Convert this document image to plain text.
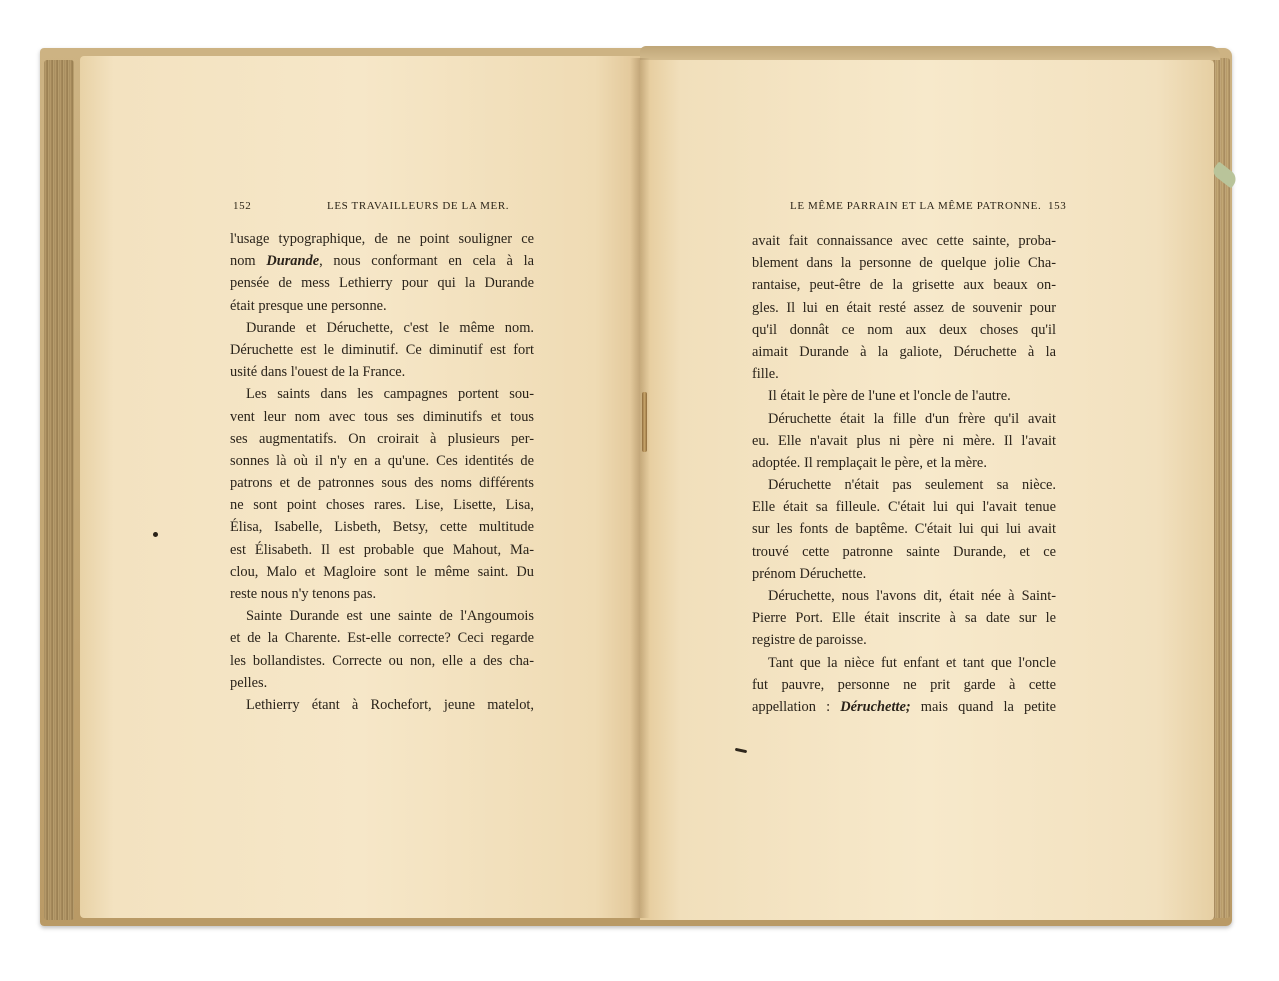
152	LES TRAVAILLEURS DE LA MER.	LE MÊME PARRAIN ET LA MÊME PATRONNE. 153
l'usage typographique, de ne point souligner ce
nom Durande, nous conformant en cela à la
pensée de mess Lethierry pour qui la Durande
était presque une personne.
Durande et Déruchette, c'est le même nom.
Déruchette est le diminutif. Ce diminutif est fort
usité dans l'ouest de la France.
Les saints dans les campagnes portent sou-
vent leur nom avec tous ses diminutifs et tous
ses augmentatifs. On croirait à plusieurs per-
sonnes là où il n'y en a qu'une. Ces identités de
patrons et de patronnes sous des noms différents
ne sont point choses rares. Lise, Lisette, Lisa,
Élisa, Isabelle, Lisbeth, Betsy, cette multitude
est Élisabeth. Il est probable que Mahout, Ma-
clou, Malo et Magloire sont le même saint. Du
reste nous n'y tenons pas.
Sainte Durande est une sainte de l'Angoumois
et de la Charente. Est-elle correcte? Ceci regarde
les bollandistes. Correcte ou non, elle a des cha-
pelles.
Lethierry étant à Rochefort, jeune matelot,
avait fait connaissance avec cette sainte, proba-
blement dans la personne de quelque jolie Cha-
rantaise, peut-être de la grisette aux beaux on-
gles. Il lui en était resté assez de souvenir pour
qu'il donnât ce nom aux deux choses qu'il
aimait Durande à la galiote, Déruchette à la
fille.
Il était le père de l'une et l'oncle de l'autre.
Déruchette était la fille d'un frère qu'il avait
eu. Elle n'avait plus ni père ni mère. Il l'avait
adoptée. Il remplaçait le père, et la mère.
Déruchette n'était pas seulement sa nièce.
Elle était sa filleule. C'était lui qui l'avait tenue
sur les fonts de baptême. C'était lui qui lui avait
trouvé cette patronne sainte Durande, et ce
prénom Déruchette.
Déruchette, nous l'avons dit, était née à Saint-
Pierre Port. Elle était inscrite à sa date sur le
registre de paroisse.
Tant que la nièce fut enfant et tant que l'oncle
fut pauvre, personne ne prit garde à cette
appellation : Déruchette; mais quand la petite
